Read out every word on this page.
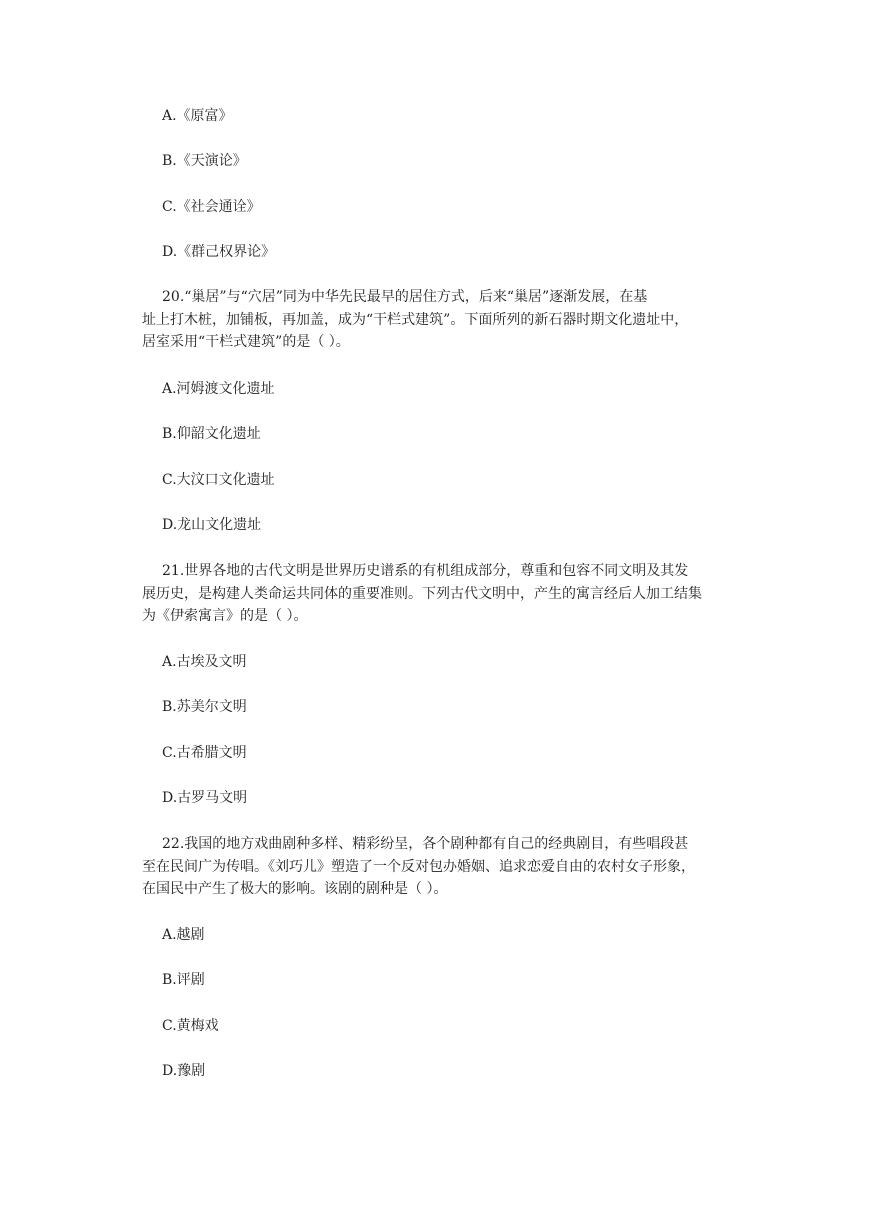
A.《原富》
B.《天演论》
C.《社会通诠》
D.《群己权界论》
20.“巢居”与“穴居”同为中华先民最早的居住方式，后来“巢居”逐渐发展，在基
址上打木桩，加铺板，再加盖，成为“干栏式建筑”。下面所列的新石器时期文化遗址中，
居室采用“干栏式建筑”的是（ ）。
A.河姆渡文化遗址
B.仰韶文化遗址
C.大汶口文化遗址
D.龙山文化遗址
21.世界各地的古代文明是世界历史谱系的有机组成部分，尊重和包容不同文明及其发
展历史，是构建人类命运共同体的重要准则。下列古代文明中，产生的寓言经后人加工结集
为《伊索寓言》的是（ ）。
A.古埃及文明
B.苏美尔文明
C.古希腊文明
D.古罗马文明
22.我国的地方戏曲剧种多样、精彩纷呈，各个剧种都有自己的经典剧目，有些唱段甚
至在民间广为传唱。《刘巧儿》塑造了一个反对包办婚姻、追求恋爱自由的农村女子形象，
在国民中产生了极大的影响。该剧的剧种是（ ）。
A.越剧
B.评剧
C.黄梅戏
D.豫剧
